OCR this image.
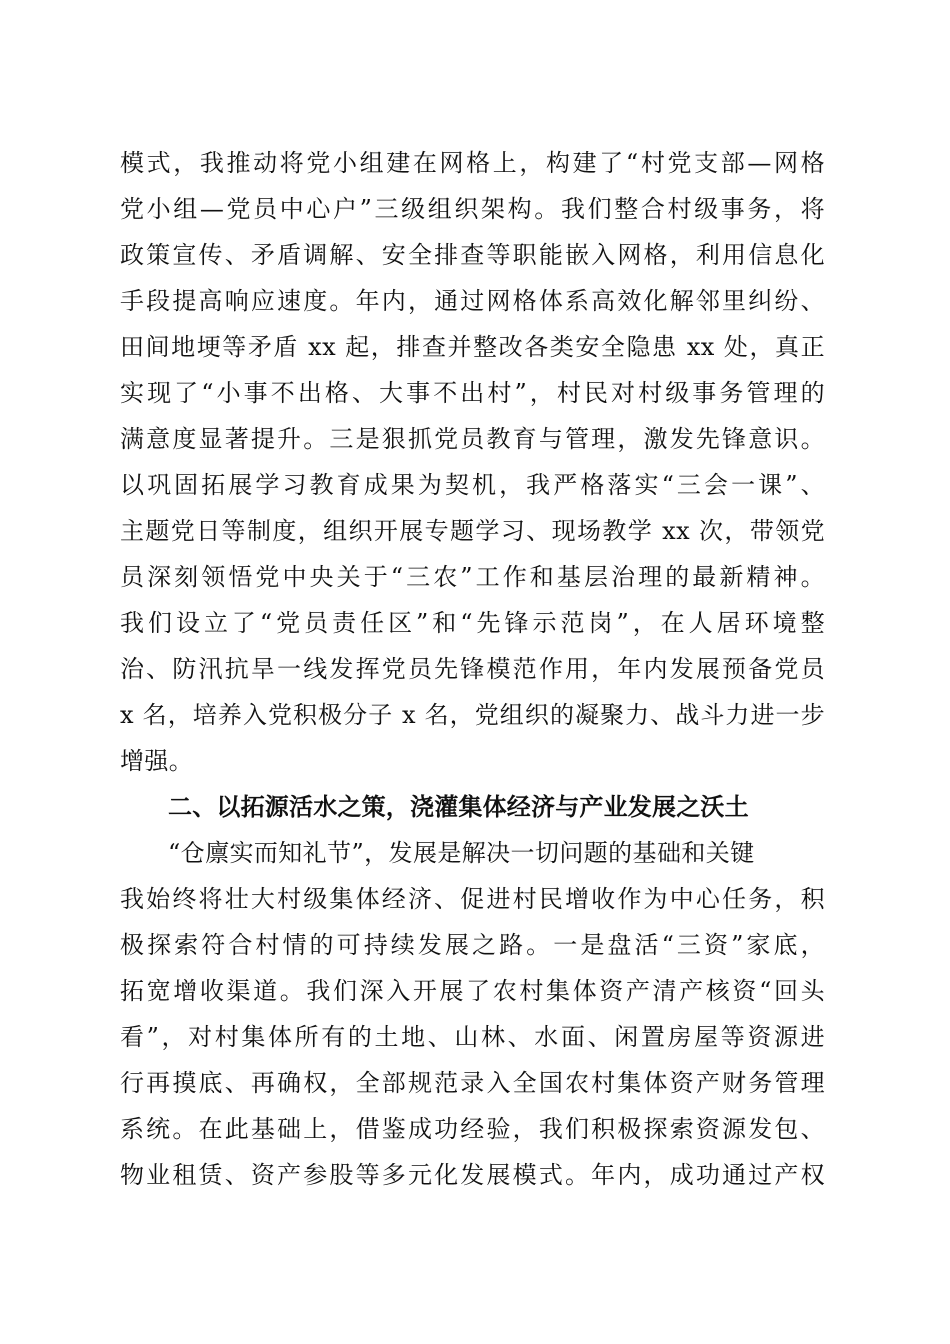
模式，我推动将党小组建在网格上，构建了“村党支部—网格
党小组—党员中心户”三级组织架构。我们整合村级事务，将
政策宣传、矛盾调解、安全排查等职能嵌入网格，利用信息化
手段提高响应速度。年内，通过网格体系高效化解邻里纠纷、
田间地埂等矛盾 xx 起，排查并整改各类安全隐患 xx 处，真正
实现了“小事不出格、大事不出村”，村民对村级事务管理的
满意度显著提升。三是狠抓党员教育与管理，激发先锋意识。
以巩固拓展学习教育成果为契机，我严格落实“三会一课”、
主题党日等制度，组织开展专题学习、现场教学 xx 次，带领党
员深刻领悟党中央关于“三农”工作和基层治理的最新精神。
我们设立了“党员责任区”和“先锋示范岗”，在人居环境整
治、防汛抗旱一线发挥党员先锋模范作用，年内发展预备党员
x 名，培养入党积极分子 x 名，党组织的凝聚力、战斗力进一步
增强。
二、以拓源活水之策，浇灌集体经济与产业发展之沃土
“仓廪实而知礼节”，发展是解决一切问题的基础和关键
我始终将壮大村级集体经济、促进村民增收作为中心任务，积
极探索符合村情的可持续发展之路。一是盘活“三资”家底，
拓宽增收渠道。我们深入开展了农村集体资产清产核资“回头
看”，对村集体所有的土地、山林、水面、闲置房屋等资源进
行再摸底、再确权，全部规范录入全国农村集体资产财务管理
系统。在此基础上，借鉴成功经验，我们积极探索资源发包、
物业租赁、资产参股等多元化发展模式。年内，成功通过产权
